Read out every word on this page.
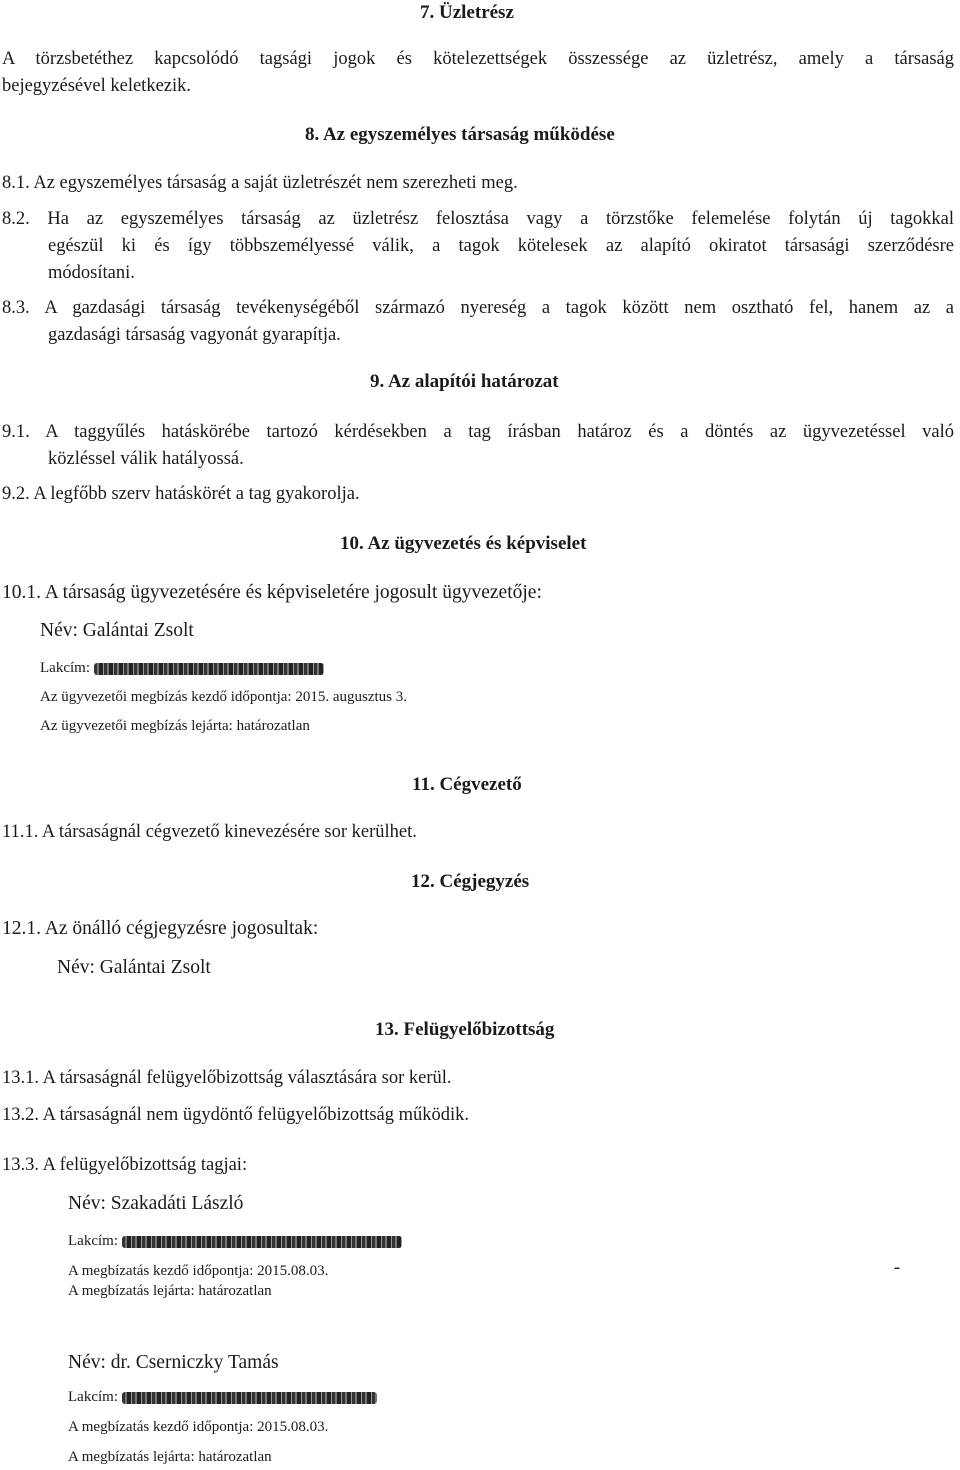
7. Üzletrész
A törzsbetéthez kapcsolódó tagsági jogok és kötelezettségek összessége az üzletrész, amely a társaság
bejegyzésével keletkezik.
8. Az egyszemélyes társaság működése
8.1. Az egyszemélyes társaság a saját üzletrészét nem szerezheti meg.
8.2. Ha az egyszemélyes társaság az üzletrész felosztása vagy a törzstőke felemelése folytán új tagokkal
egészül ki és így többszemélyessé válik, a tagok kötelesek az alapító okiratot társasági szerződésre
módosítani.
8.3. A gazdasági társaság tevékenységéből származó nyereség a tagok között nem osztható fel, hanem az a
gazdasági társaság vagyonát gyarapítja.
9. Az alapítói határozat
9.1. A taggyűlés hatáskörébe tartozó kérdésekben a tag írásban határoz és a döntés az ügyvezetéssel való
közléssel válik hatályossá.
9.2. A legfőbb szerv hatáskörét a tag gyakorolja.
10. Az ügyvezetés és képviselet
10.1. A társaság ügyvezetésére és képviseletére jogosult ügyvezetője:
Név: Galántai Zsolt
Lakcím:
Az ügyvezetői megbízás kezdő időpontja: 2015. augusztus 3.
Az ügyvezetői megbízás lejárta: határozatlan
11. Cégvezető
11.1. A társaságnál cégvezető kinevezésére sor kerülhet.
12. Cégjegyzés
12.1. Az önálló cégjegyzésre jogosultak:
Név: Galántai Zsolt
13. Felügyelőbizottság
13.1. A társaságnál felügyelőbizottság választására sor kerül.
13.2. A társaságnál nem ügydöntő felügyelőbizottság működik.
13.3. A felügyelőbizottság tagjai:
Név: Szakadáti László
Lakcím:
A megbízatás kezdő időpontja: 2015.08.03.
A megbízatás lejárta: határozatlan
-
Név: dr. Cserniczky Tamás
Lakcím:
A megbízatás kezdő időpontja: 2015.08.03.
A megbízatás lejárta: határozatlan
